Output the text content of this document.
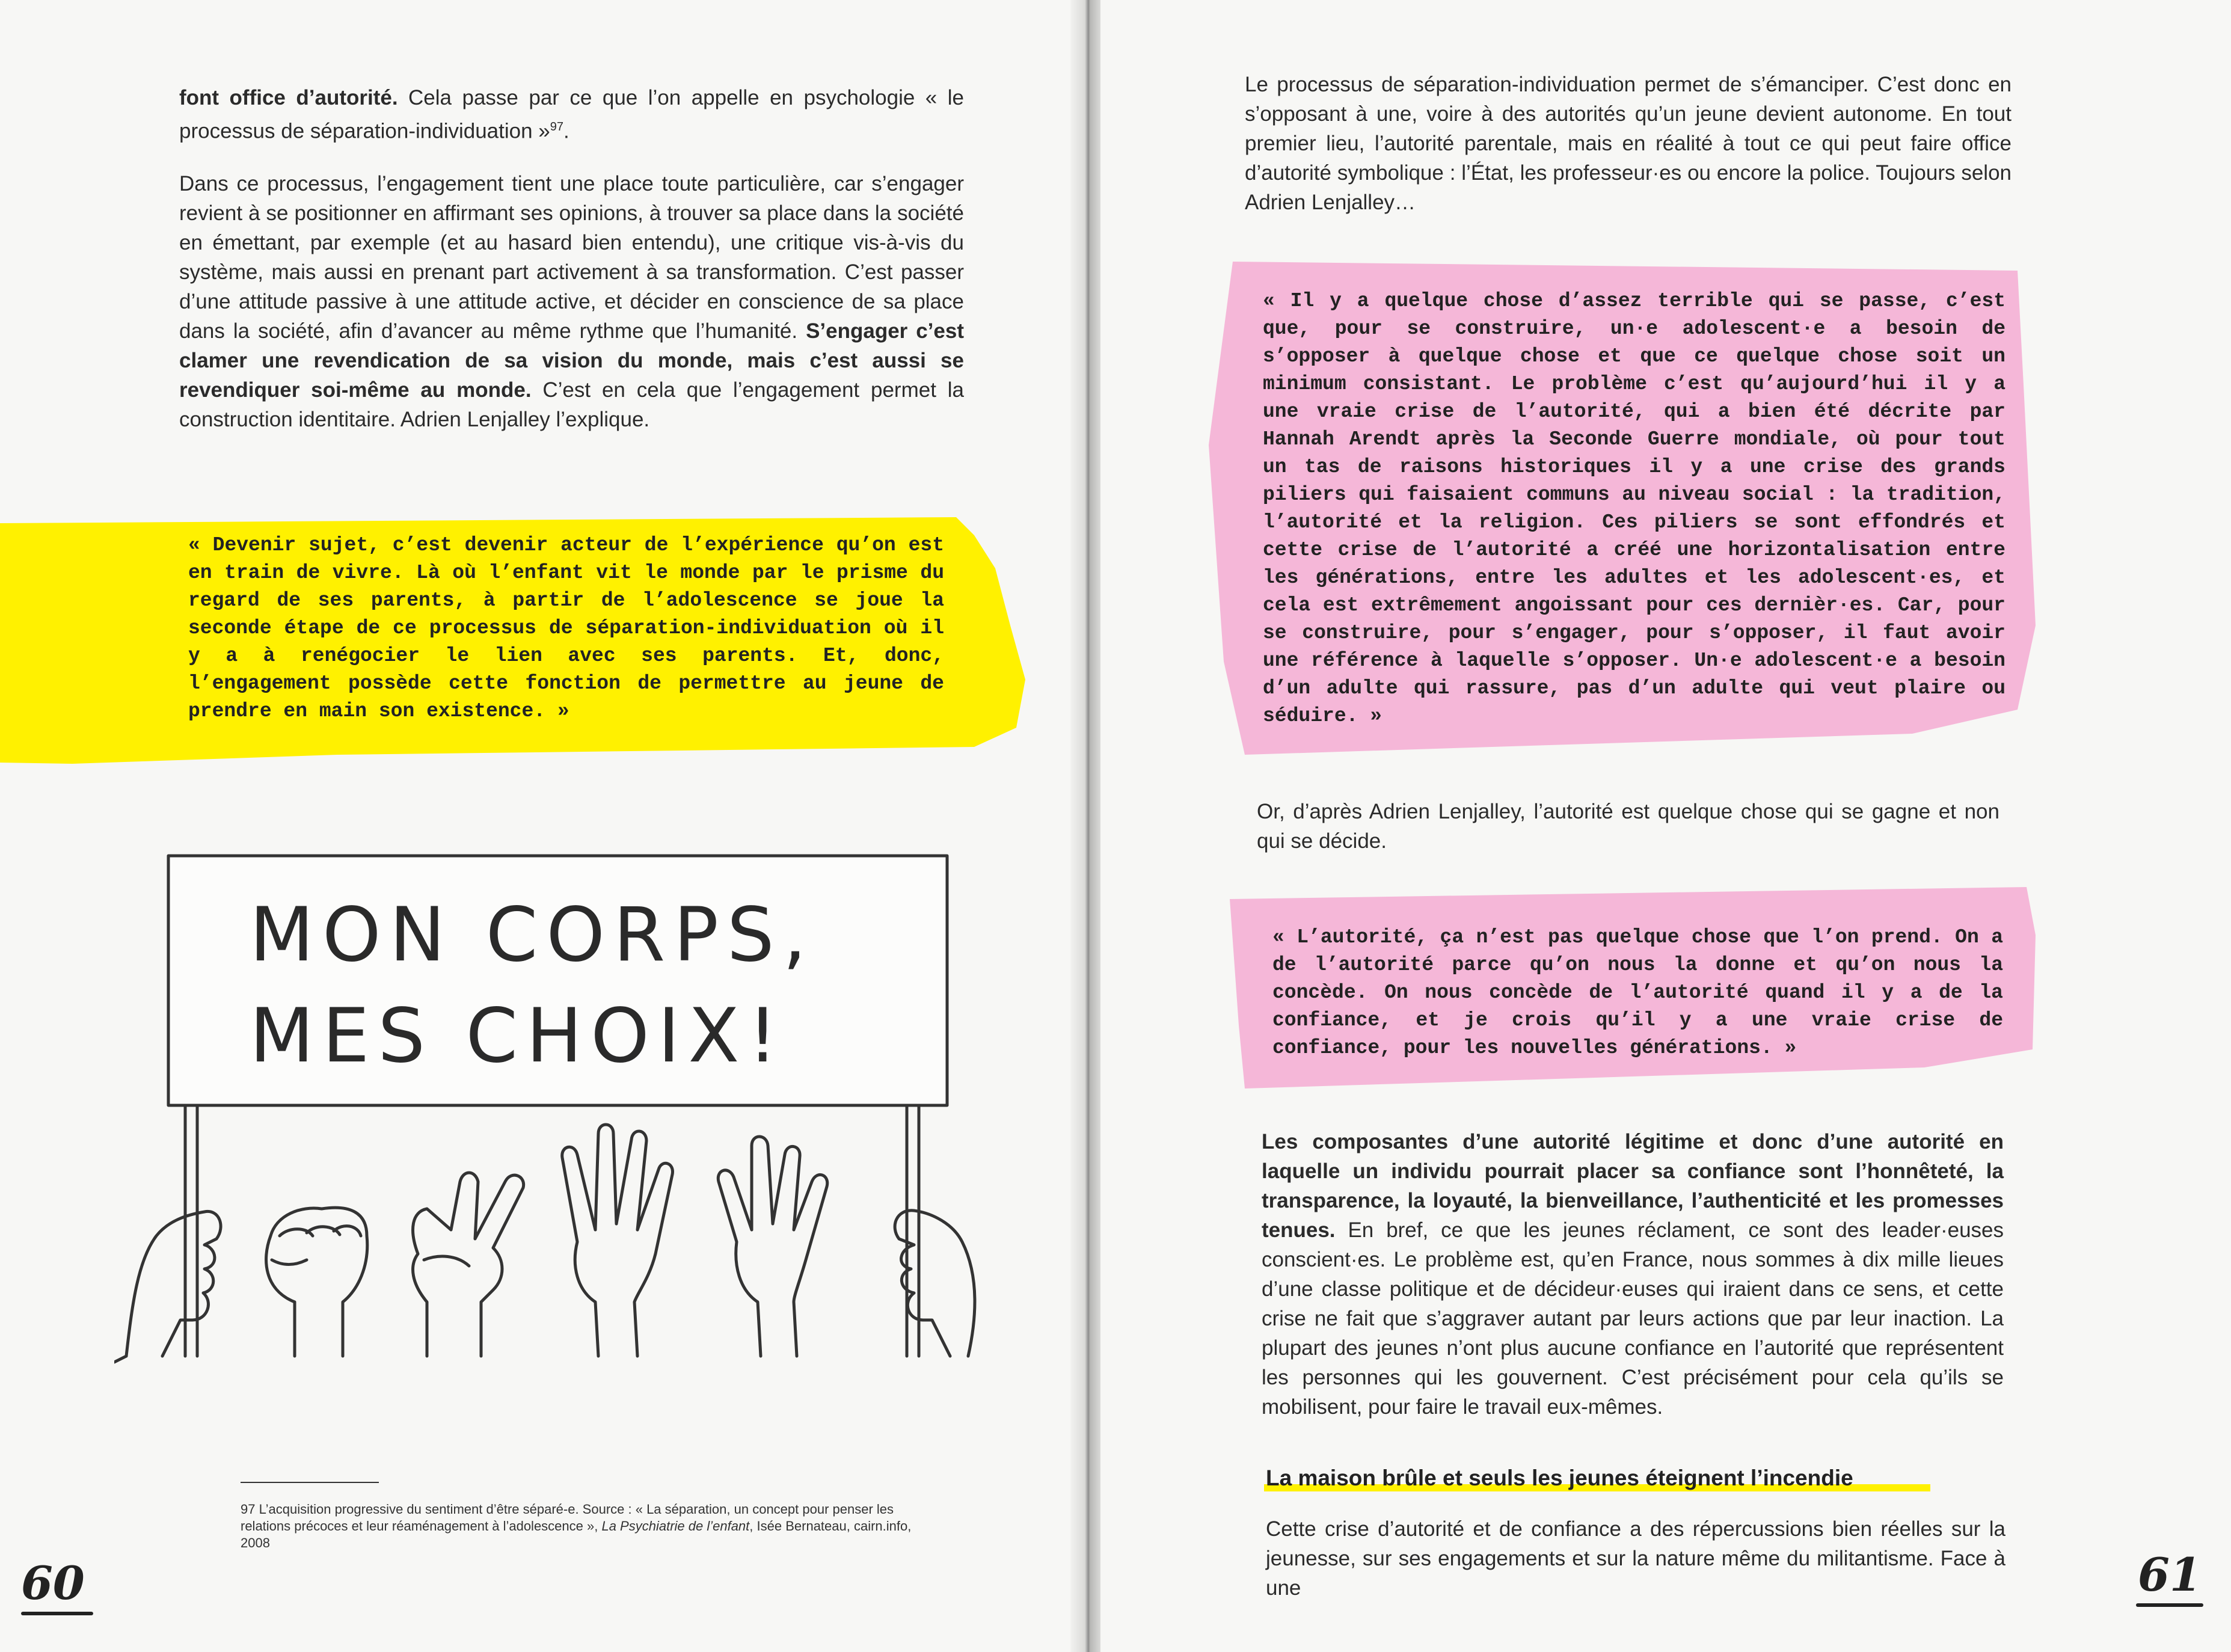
font office d’autorité. Cela passe par ce que l’on appelle en psychologie « le processus de séparation-individuation »$^{97}$.

Dans ce processus, l’engagement tient une place toute particulière, car s’engager revient à se positionner en affirmant ses opinions, à trouver sa place dans la société en émettant, par exemple (et au hasard bien entendu), une critique vis-à-vis du système, mais aussi en prenant part activement à sa transformation. C’est passer d’une attitude passive à une attitude active, et décider en conscience de sa place dans la société, afin d’avancer au même rythme que l’humanité. S’engager c’est clamer une revendication de sa vision du monde, mais c’est aussi se revendiquer soi-même au monde. C’est en cela que l’engagement permet la construction identitaire. Adrien Lenjalley l’explique.

« Devenir sujet, c’est devenir acteur de l’expérience qu’on est en train de vivre. Là où l’enfant vit le monde par le prisme du regard de ses parents, à partir de l’adolescence se joue la seconde étape de ce processus de séparation-individuation où il y a à renégocier le lien avec ses parents. Et, donc, l’engagement possède cette fonction de permettre au jeune de prendre en main son existence. »
MON CORPS,
MES CHOIX!
97 L’acquisition progressive du sentiment d’être séparé-e. Source : « La séparation, un concept pour penser les relations précoces et leur réaménagement à l’adolescence », La Psychiatrie de l’enfant, Isée Bernateau, cairn.info, 2008
60
Le processus de séparation-individuation permet de s’émanciper. C’est donc en s’opposant à une, voire à des autorités qu’un jeune devient autonome. En tout premier lieu, l’autorité parentale, mais en réalité à tout ce qui peut faire office d’autorité symbolique : l’État, les professeur·es ou encore la police. Toujours selon Adrien Lenjalley…
« Il y a quelque chose d’assez terrible qui se passe, c’est que, pour se construire, un·e adolescent·e a besoin de s’opposer à quelque chose et que ce quelque chose soit un minimum consistant. Le problème c’est qu’aujourd’hui il y a une vraie crise de l’autorité, qui a bien été décrite par Hannah Arendt après la Seconde Guerre mondiale, où pour tout un tas de raisons historiques il y a une crise des grands piliers qui faisaient communs au niveau social : la tradition, l’autorité et la religion. Ces piliers se sont effondrés et cette crise de l’autorité a créé une horizontalisation entre les générations, entre les adultes et les adolescent·es, et cela est extrêmement angoissant pour ces dernièr·es. Car, pour se construire, pour s’engager, pour s’opposer, il faut avoir une référence à laquelle s’opposer. Un·e adolescent·e a besoin d’un adulte qui rassure, pas d’un adulte qui veut plaire ou séduire. »
Or, d’après Adrien Lenjalley, l’autorité est quelque chose qui se gagne et non qui se décide.
« L’autorité, ça n’est pas quelque chose que l’on prend. On a de l’autorité parce qu’on nous la donne et qu’on nous la concède. On nous concède de l’autorité quand il y a de la confiance, et je crois qu’il y a une vraie crise de confiance, pour les nouvelles générations. »
Les composantes d’une autorité légitime et donc d’une autorité en laquelle un individu pourrait placer sa confiance sont l’honnêteté, la transparence, la loyauté, la bienveillance, l’authenticité et les promesses tenues. En bref, ce que les jeunes réclament, ce sont des leader·euses conscient·es. Le problème est, qu’en France, nous sommes à dix mille lieues d’une classe politique et de décideur·euses qui iraient dans ce sens, et cette crise ne fait que s’aggraver autant par leurs actions que par leur inaction. La plupart des jeunes n’ont plus aucune confiance en l’autorité que représentent les personnes qui les gouvernent. C’est précisément pour cela qu’ils se mobilisent, pour faire le travail eux-mêmes.
La maison brûle et seuls les jeunes éteignent l’incendie
Cette crise d’autorité et de confiance a des répercussions bien réelles sur la jeunesse, sur ses engagements et sur la nature même du militantisme. Face à une	61
